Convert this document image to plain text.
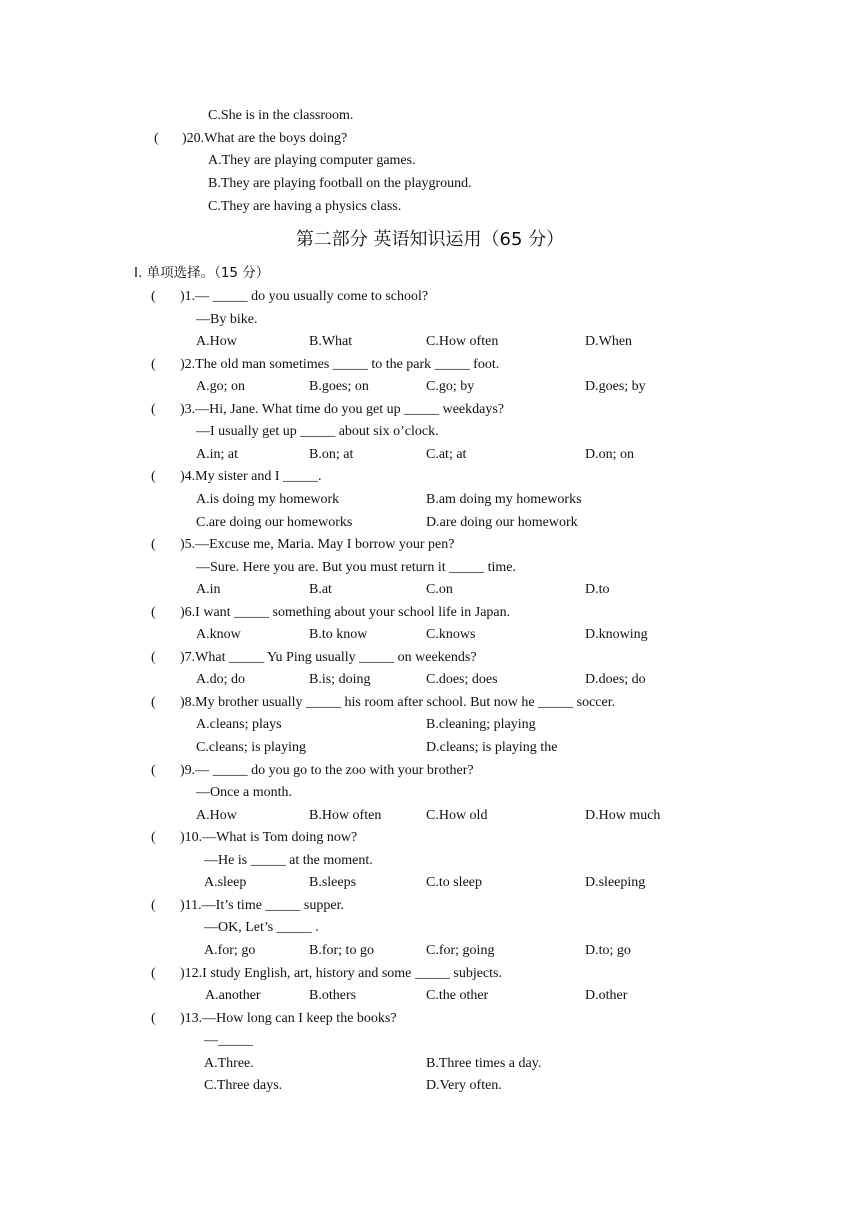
C.She is in the classroom.
( )20.What are the boys doing?
A.They are playing computer games.
B.They are playing football on the playground.
C.They are having a physics class.
第二部分 英语知识运用（65 分）
Ⅰ. 单项选择。（15 分）
( )1.— _____ do you usually come to school?
—By bike.
A.How	B.What	C.How often	D.When
( )2.The old man sometimes _____ to the park _____ foot.
A.go; on	B.goes; on	C.go; by	D.goes; by
( )3.—Hi, Jane. What time do you get up _____ weekdays?
—I usually get up _____ about six o’clock.
A.in; at	B.on; at	C.at; at	D.on; on
( )4.My sister and I _____.
A.is doing my homework	B.am doing my homeworks
C.are doing our homeworks	D.are doing our homework
( )5.—Excuse me, Maria. May I borrow your pen?
—Sure. Here you are. But you must return it _____ time.
A.in	B.at	C.on	D.to
( )6.I want _____ something about your school life in Japan.
A.know	B.to know	C.knows	D.knowing
( )7.What _____ Yu Ping usually _____ on weekends?
A.do; do	B.is; doing	C.does; does	D.does; do
( )8.My brother usually _____ his room after school. But now he _____ soccer.
A.cleans; plays	B.cleaning; playing
C.cleans; is playing	D.cleans; is playing the
( )9.— _____ do you go to the zoo with your brother?
—Once a month.
A.How	B.How often	C.How old	D.How much
( )10.—What is Tom doing now?
—He is _____ at the moment.
A.sleep	B.sleeps	C.to sleep	D.sleeping
( )11.—It’s time _____ supper.
—OK, Let’s _____ .
A.for; go	B.for; to go	C.for; going	D.to; go
( )12.I study English, art, history and some _____ subjects.
A.another	B.others	C.the other	D.other
( )13.—How long can I keep the books?
—_____
A.Three.	B.Three times a day.
C.Three days.	D.Very often.
